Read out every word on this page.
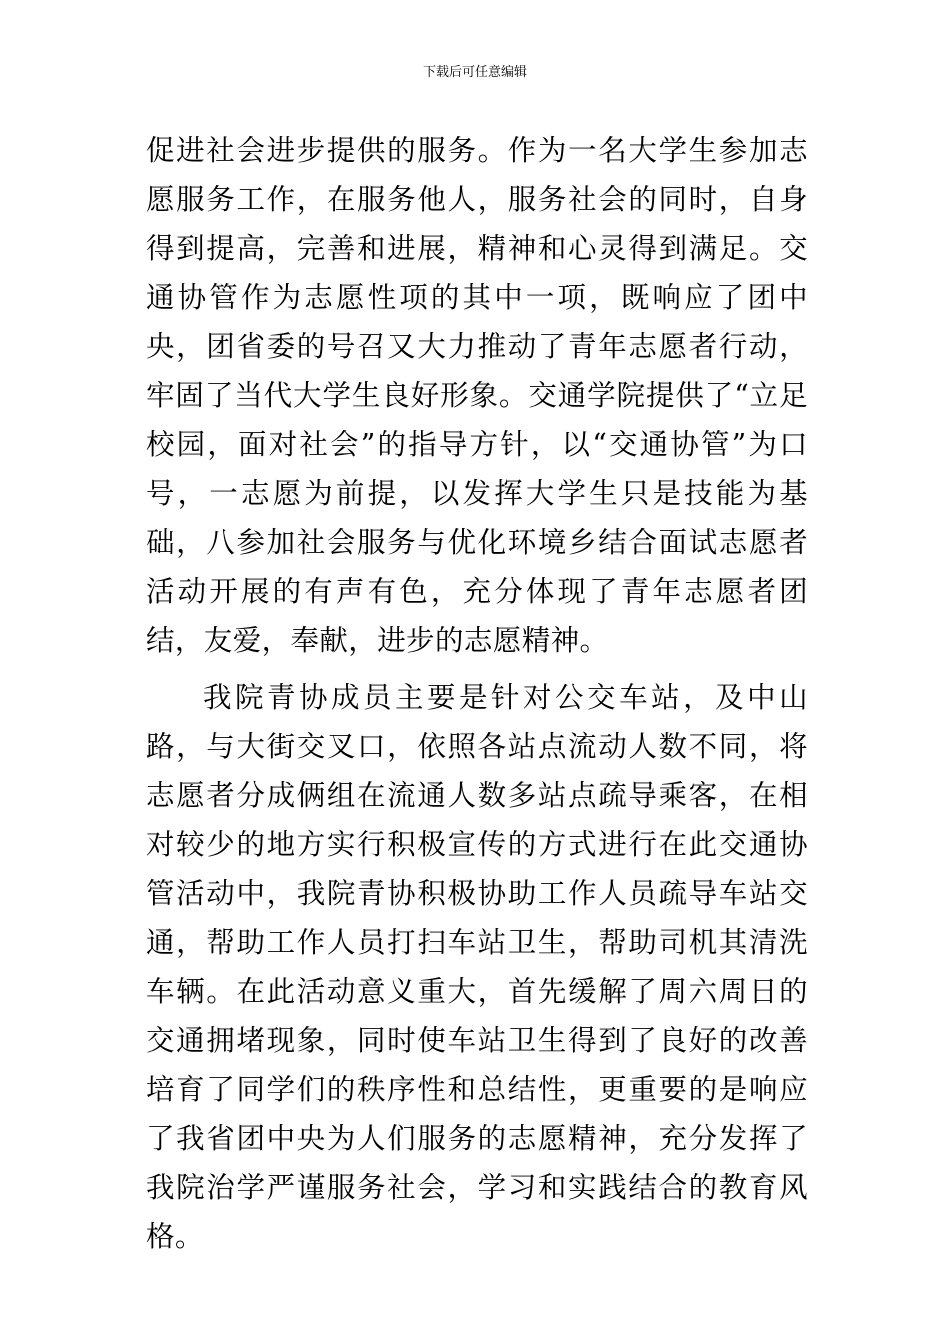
下载后可任意编辑

促进社会进步提供的服务。作为一名大学生参加志愿服务工作，在服务他人，服务社会的同时，自身得到提高，完善和进展，精神和心灵得到满足。交通协管作为志愿性项的其中一项，既响应了团中央，团省委的号召又大力推动了青年志愿者行动，牢固了当代大学生良好形象。交通学院提供了“立足校园，面对社会”的指导方针，以“交通协管”为口号，一志愿为前提，以发挥大学生只是技能为基础，八参加社会服务与优化环境乡结合面试志愿者活动开展的有声有色，充分体现了青年志愿者团结，友爱，奉献，进步的志愿精神。

我院青协成员主要是针对公交车站，及中山路，与大街交叉口，依照各站点流动人数不同，将志愿者分成俩组在流通人数多站点疏导乘客，在相对较少的地方实行积极宣传的方式进行在此交通协管活动中，我院青协积极协助工作人员疏导车站交通，帮助工作人员打扫车站卫生，帮助司机其清洗车辆。在此活动意义重大，首先缓解了周六周日的交通拥堵现象，同时使车站卫生得到了良好的改善培育了同学们的秩序性和总结性，更重要的是响应了我省团中央为人们服务的志愿精神，充分发挥了我院治学严谨服务社会，学习和实践结合的教育风格。
